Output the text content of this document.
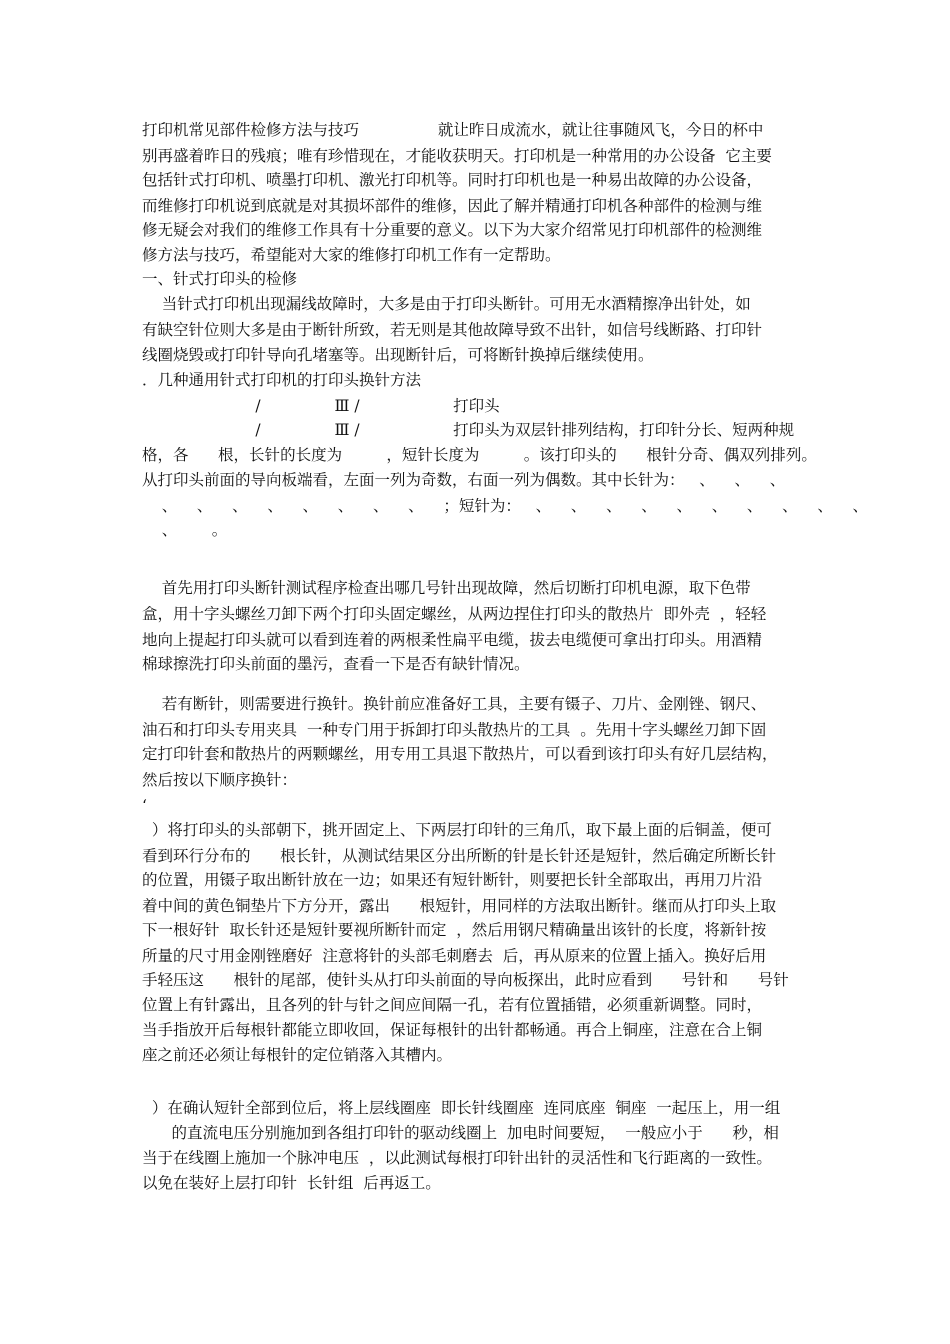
打印机常见部件检修方法与技巧                就让昨日成流水，就让往事随风飞，今日的杯中
别再盛着昨日的残痕；唯有珍惜现在，才能收获明天。打印机是一种常用的办公设备  它主要
包括针式打印机、喷墨打印机、激光打印机等。同时打印机也是一种易出故障的办公设备，
而维修打印机说到底就是对其损坏部件的维修，因此了解并精通打印机各种部件的检测与维
修无疑会对我们的维修工作具有十分重要的意义。以下为大家介绍常见打印机部件的检测维
修方法与技巧，希望能对大家的维修打印机工作有一定帮助。
一、针式打印头的检修
当针式打印机出现漏线故障时，大多是由于打印头断针。可用无水酒精擦净出针处，如
有缺空针位则大多是由于断针所致，若无则是其他故障导致不出针，如信号线断路、打印针
线圈烧毁或打印针导向孔堵塞等。出现断针后，可将断针换掉后继续使用。
．几种通用针式打印机的打印头换针方法
/               Ⅲ /                   打印头
/               Ⅲ /                   打印头为双层针排列结构，打印针分长、短两种规
格，各      根，长针的长度为         ，短针长度为         。该打印头的      根针分奇、偶双列排列。
从打印头前面的导向板端看，左面一列为奇数，右面一列为偶数。其中长针为：   、    、    、
、    、    、    、    、    、    、    、    ；短针为：   、    、    、    、    、    、    、    、    、    、
、       。
首先用打印头断针测试程序检查出哪几号针出现故障，然后切断打印机电源，取下色带
盒，用十字头螺丝刀卸下两个打印头固定螺丝，从两边捏住打印头的散热片  即外壳  ，轻轻
地向上提起打印头就可以看到连着的两根柔性扁平电缆，拔去电缆便可拿出打印头。用酒精
棉球擦洗打印头前面的墨污，查看一下是否有缺针情况。
若有断针，则需要进行换针。换针前应准备好工具，主要有镊子、刀片、金刚锉、钢尺、
油石和打印头专用夹具  一种专门用于拆卸打印头散热片的工具  。先用十字头螺丝刀卸下固
定打印针套和散热片的两颗螺丝，用专用工具退下散热片，可以看到该打印头有好几层结构，
然后按以下顺序换针：
‘
）将打印头的头部朝下，挑开固定上、下两层打印针的三角爪，取下最上面的后铜盖，便可
看到环行分布的      根长针，从测试结果区分出所断的针是长针还是短针，然后确定所断长针
的位置，用镊子取出断针放在一边；如果还有短针断针，则要把长针全部取出，再用刀片沿
着中间的黄色铜垫片下方分开，露出      根短针，用同样的方法取出断针。继而从打印头上取
下一根好针  取长针还是短针要视所断针而定  ，然后用钢尺精确量出该针的长度，将新针按
所量的尺寸用金刚锉磨好  注意将针的头部毛刺磨去  后，再从原来的位置上插入。换好后用
手轻压这      根针的尾部，使针头从打印头前面的导向板探出，此时应看到      号针和      号针
位置上有针露出，且各列的针与针之间应间隔一孔，若有位置插错，必须重新调整。同时，
当手指放开后每根针都能立即收回，保证每根针的出针都畅通。再合上铜座，注意在合上铜
座之前还必须让每根针的定位销落入其槽内。
）在确认短针全部到位后，将上层线圈座  即长针线圈座  连同底座  铜座  一起压上，用一组
的直流电压分别施加到各组打印针的驱动线圈上  加电时间要短，  一般应小于      秒，相
当于在线圈上施加一个脉冲电压  ，以此测试每根打印针出针的灵活性和飞行距离的一致性。
以免在装好上层打印针  长针组  后再返工。
